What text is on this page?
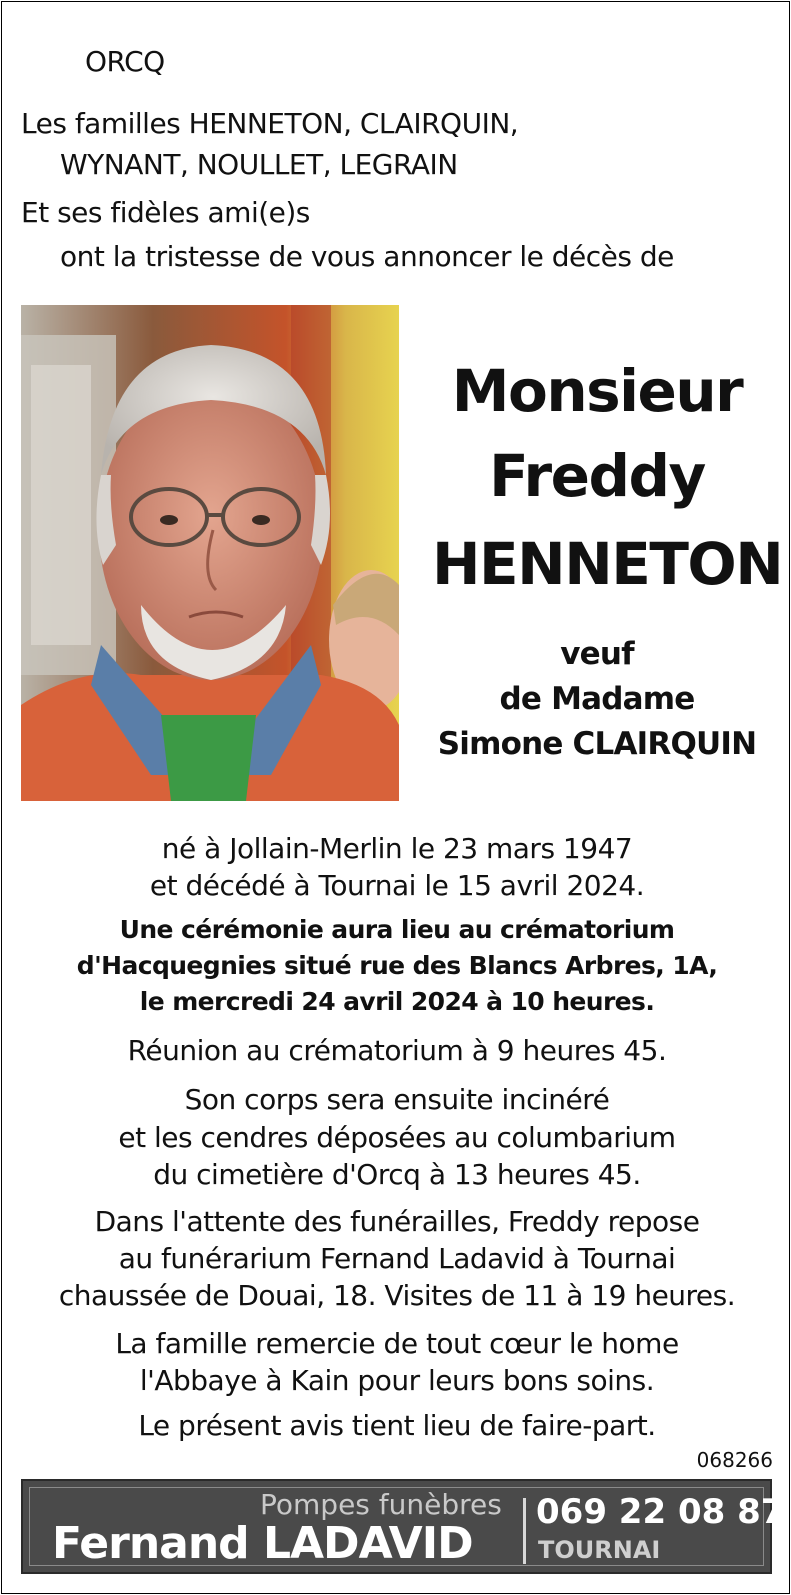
ORCQ
Les familles HENNETON, CLAIRQUIN,
WYNANT, NOULLET, LEGRAIN
Et ses fidèles ami(e)s
ont la tristesse de vous annoncer le décès de
Monsieur
Freddy
HENNETON
veuf
de Madame
Simone CLAIRQUIN
né à Jollain-Merlin le 23 mars 1947
et décédé à Tournai le 15 avril 2024.
Une cérémonie aura lieu au crématorium
d'Hacquegnies situé rue des Blancs Arbres, 1A,
le mercredi 24 avril 2024 à 10 heures.
Réunion au crématorium à 9 heures 45.
Son corps sera ensuite incinéré
et les cendres déposées au columbarium
du cimetière d'Orcq à 13 heures 45.
Dans l'attente des funérailles, Freddy repose
au funérarium Fernand Ladavid à Tournai
chaussée de Douai, 18. Visites de 11 à 19 heures.
La famille remercie de tout cœur le home
l'Abbaye à Kain pour leurs bons soins.
Le présent avis tient lieu de faire-part.
068266
Pompes funèbres
Fernand LADAVID
069 22 08 87
TOURNAI
